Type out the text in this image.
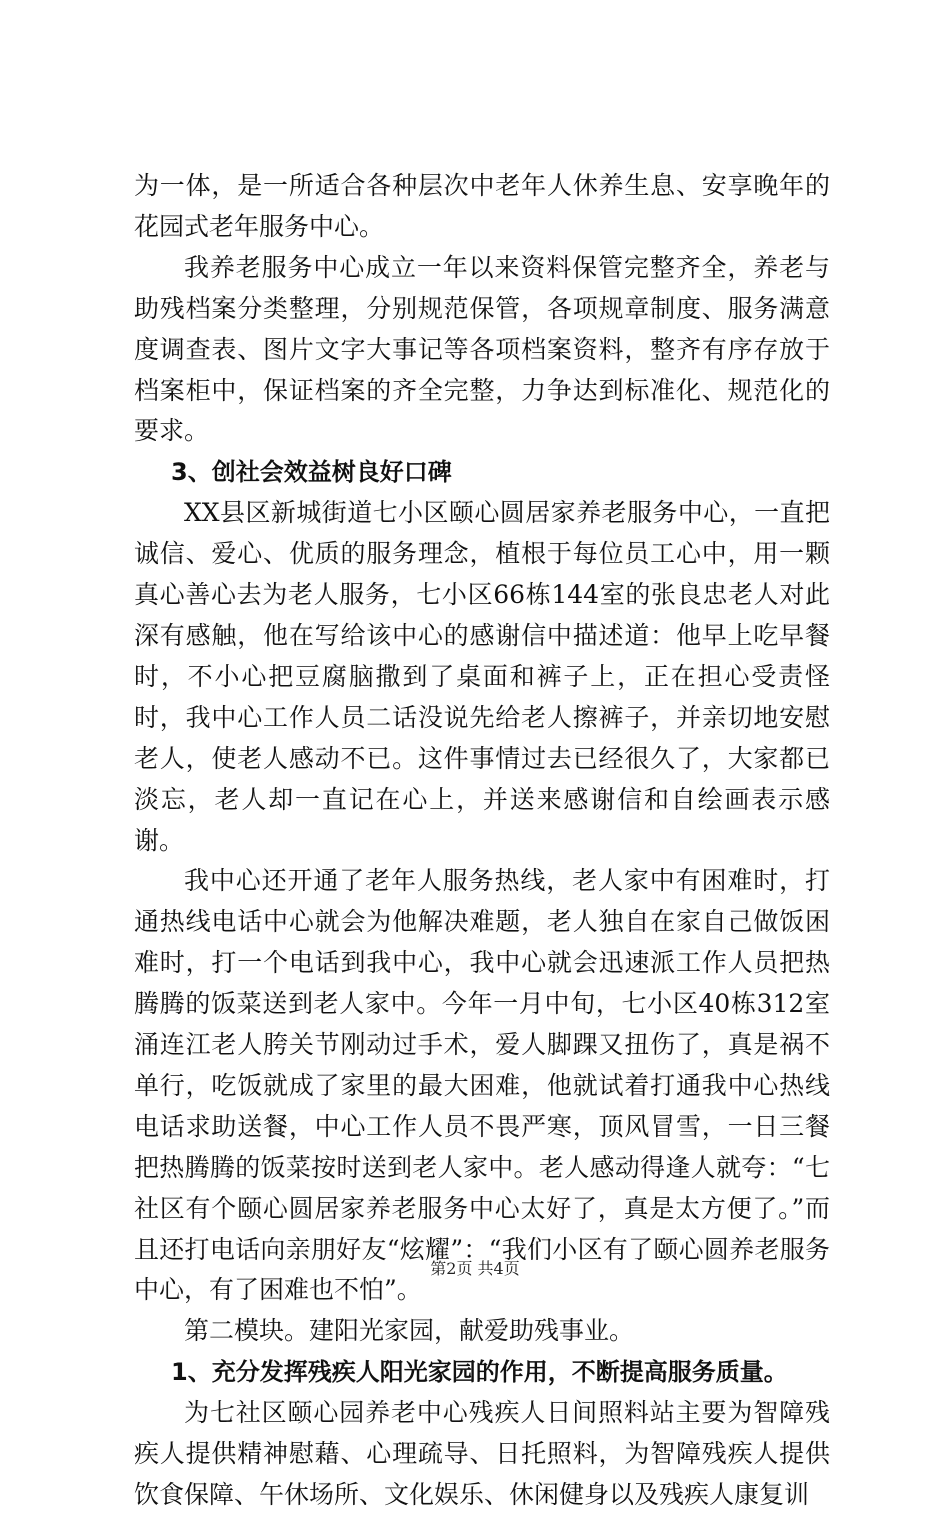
为一体，是一所适合各种层次中老年人休养生息、安享晚年的花园式老年服务中心。

我养老服务中心成立一年以来资料保管完整齐全，养老与助残档案分类整理，分别规范保管，各项规章制度、服务满意度调查表、图片文字大事记等各项档案资料，整齐有序存放于档案柜中，保证档案的齐全完整，力争达到标准化、规范化的要求。

3、创社会效益树良好口碑

XX县区新城街道七小区颐心圆居家养老服务中心，一直把诚信、爱心、优质的服务理念，植根于每位员工心中，用一颗真心善心去为老人服务，七小区66栋144室的张良忠老人对此深有感触，他在写给该中心的感谢信中描述道：他早上吃早餐时，不小心把豆腐脑撒到了桌面和裤子上，正在担心受责怪时，我中心工作人员二话没说先给老人擦裤子，并亲切地安慰老人，使老人感动不已。这件事情过去已经很久了，大家都已淡忘，老人却一直记在心上，并送来感谢信和自绘画表示感谢。

我中心还开通了老年人服务热线，老人家中有困难时，打通热线电话中心就会为他解决难题，老人独自在家自己做饭困难时，打一个电话到我中心，我中心就会迅速派工作人员把热腾腾的饭菜送到老人家中。今年一月中旬，七小区40栋312室涌连江老人胯关节刚动过手术，爱人脚踝又扭伤了，真是祸不单行，吃饭就成了家里的最大困难，他就试着打通我中心热线电话求助送餐，中心工作人员不畏严寒，顶风冒雪，一日三餐把热腾腾的饭菜按时送到老人家中。老人感动得逢人就夸：“七社区有个颐心圆居家养老服务中心太好了，真是太方便了。”而且还打电话向亲朋好友“炫耀”：“我们小区有了颐心圆养老服务中心，有了困难也不怕”。

第二模块。建阳光家园，献爱助残事业。

1、充分发挥残疾人阳光家园的作用，不断提高服务质量。

为七社区颐心园养老中心残疾人日间照料站主要为智障残疾人提供精神慰藉、心理疏导、日托照料，为智障残疾人提供饮食保障、午休场所、文化娱乐、休闲健身以及残疾人康复训

第2页 共4页
